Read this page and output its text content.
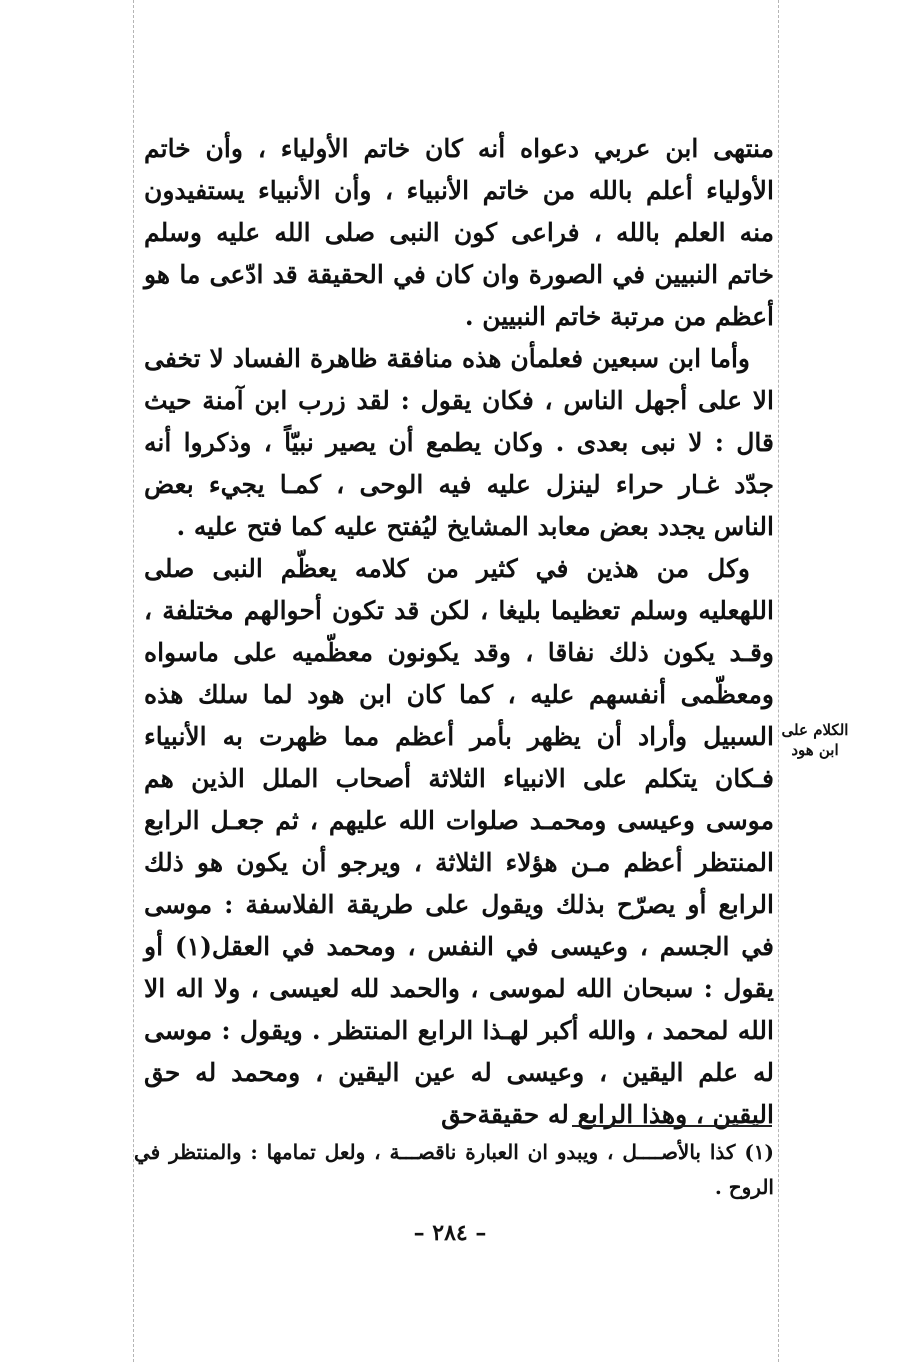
منتهى ابن عربي دعواه أنه كان خاتم الأولياء ، وأن خاتم الأولياء أعلم بالله من خاتم الأنبياء ، وأن الأنبياء يستفيدون منه العلم بالله ، فراعى كون النبى صلى الله عليه وسلم خاتم النبيين في الصورة وان كان في الحقيقة قد ادّعى ما هو أعظم من مرتبة خاتم النبيين .

وأما ابن سبعين فعلمأن هذه منافقة ظاهرة الفساد لا تخفى الا على أجهل الناس ، فكان يقول : لقد زرب ابن آمنة حيث قال : لا نبى بعدى . وكان يطمع أن يصير نبيّاً ، وذكروا أنه جدّد غـار حراء لينزل عليه فيه الوحى ، كمـا يجيء بعض الناس يجدد بعض معابد المشايخ ليُفتح عليه كما فتح عليه .

وكل من هذين في كثير من كلامه يعظّم النبى صلى اللهعليه وسلم تعظيما بليغا ، لكن قد تكون أحوالهم مختلفة ، وقـد يكون ذلك نفاقا ، وقد يكونون معظّميه على ماسواه ومعظّمى أنفسهم عليه ، كما كان ابن هود لما سلك هذه السبيل وأراد أن يظهر بأمر أعظم مما ظهرت به الأنبياء فـكان يتكلم على الانبياء الثلاثة أصحاب الملل الذين هم موسى وعيسى ومحمـد صلوات الله عليهم ، ثم جعـل الرابع المنتظر أعظم مـن هؤلاء الثلاثة ، ويرجو أن يكون هو ذلك الرابع أو يصرّح بذلك ويقول على طريقة الفلاسفة : موسى في الجسم ، وعيسى في النفس ، ومحمد في العقل(١) أو يقول : سبحان الله لموسى ، والحمد لله لعيسى ، ولا اله الا الله لمحمد ، والله أكبر لهـذا الرابع المنتظر . ويقول : موسى له علم اليقين ، وعيسى له عين اليقين ، ومحمد له حق اليقين ، وهذا الرابع له حقيقةحق

الكلام على ابن هود

(١) كذا بالأصــــل ، ويبدو ان العبارة ناقصـــة ، ولعل تمامها : والمنتظر في الروح .

– ٢٨٤ –
